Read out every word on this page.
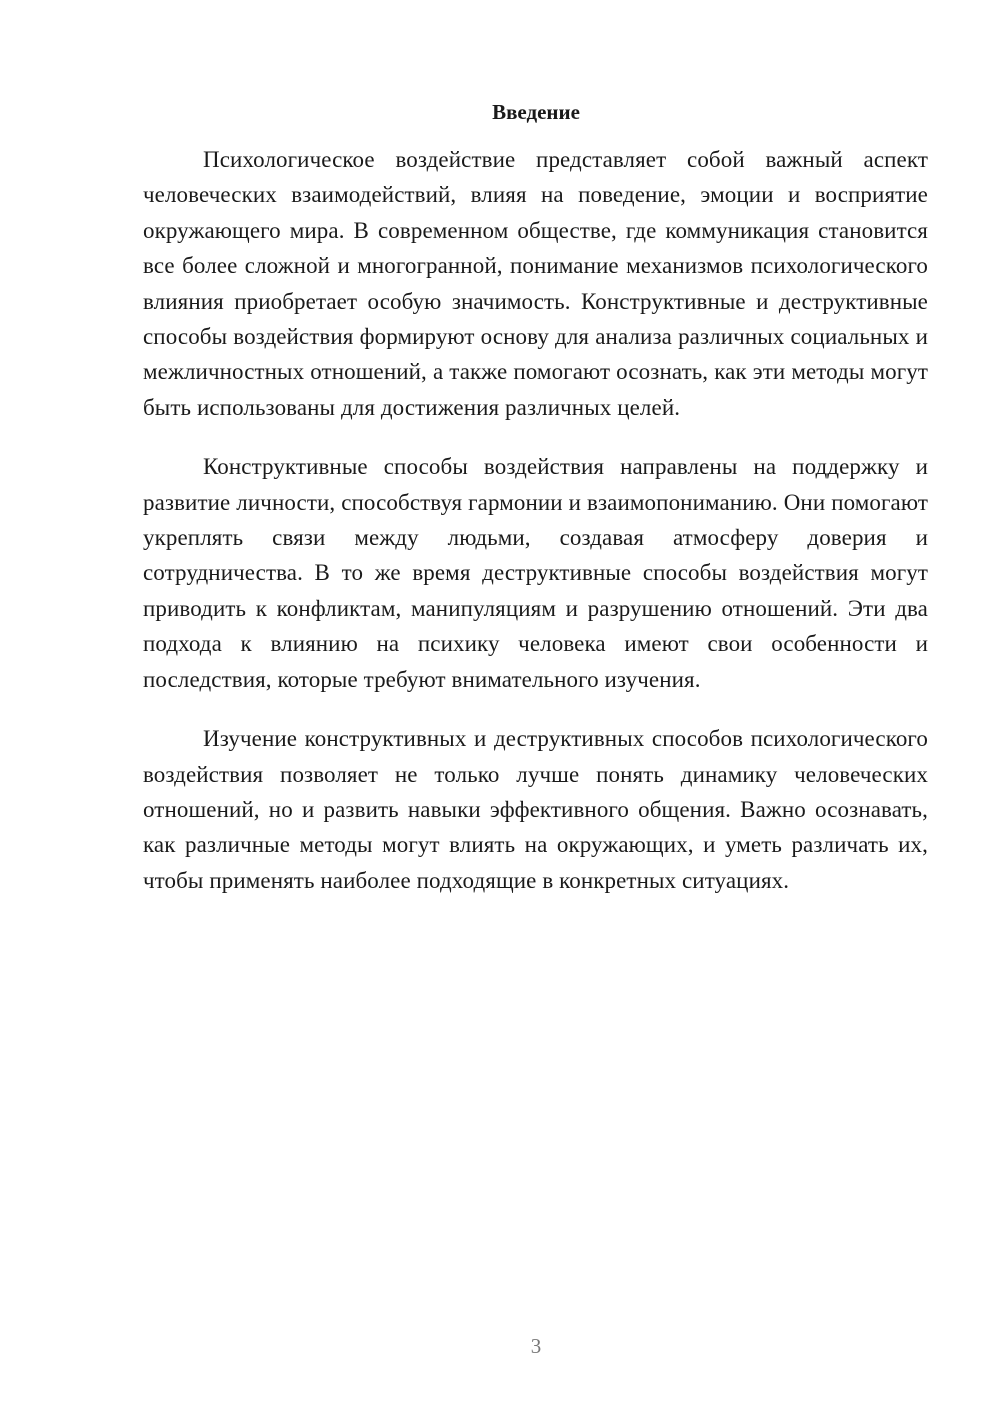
Введение

Психологическое воздействие представляет собой важный аспект человеческих взаимодействий, влияя на поведение, эмоции и восприятие окружающего мира. В современном обществе, где коммуникация становится все более сложной и многогранной, понимание механизмов психологического влияния приобретает особую значимость. Конструктивные и деструктивные способы воздействия формируют основу для анализа различных социальных и межличностных отношений, а также помогают осознать, как эти методы могут быть использованы для достижения различных целей.

Конструктивные способы воздействия направлены на поддержку и развитие личности, способствуя гармонии и взаимопониманию. Они помогают укреплять связи между людьми, создавая атмосферу доверия и сотрудничества. В то же время деструктивные способы воздействия могут приводить к конфликтам, манипуляциям и разрушению отношений. Эти два подхода к влиянию на психику человека имеют свои особенности и последствия, которые требуют внимательного изучения.

Изучение конструктивных и деструктивных способов психологического воздействия позволяет не только лучше понять динамику человеческих отношений, но и развить навыки эффективного общения. Важно осознавать, как различные методы могут влиять на окружающих, и уметь различать их, чтобы применять наиболее подходящие в конкретных ситуациях.

3
